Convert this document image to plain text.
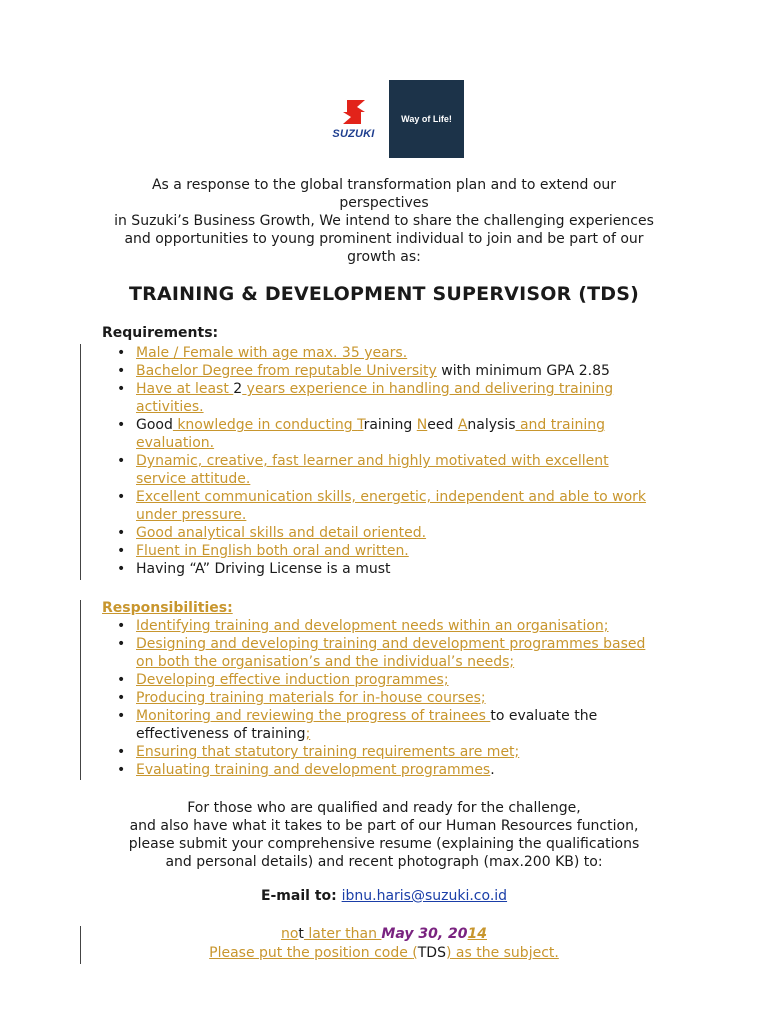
SUZUKI
Way of Life!
As a response to the global transformation plan and to extend our
perspectives
in Suzuki’s Business Growth, We intend to share the challenging experiences
and opportunities to young prominent individual to join and be part of our
growth as:
TRAINING & DEVELOPMENT SUPERVISOR (TDS)
Requirements:
• Male / Female with age max. 35 years.
• Bachelor Degree from reputable University with minimum GPA 2.85
• Have at least 2 years experience in handling and delivering training
activities.
• Good knowledge in conducting Training Need Analysis and training
evaluation.
• Dynamic, creative, fast learner and highly motivated with excellent
service attitude.
• Excellent communication skills, energetic, independent and able to work
under pressure.
• Good analytical skills and detail oriented.
• Fluent in English both oral and written.
• Having “A” Driving License is a must
Responsibilities:
• Identifying training and development needs within an organisation;
• Designing and developing training and development programmes based
on both the organisation’s and the individual’s needs;
• Developing effective induction programmes;
• Producing training materials for in-house courses;
• Monitoring and reviewing the progress of trainees to evaluate the
effectiveness of training;
• Ensuring that statutory training requirements are met;
• Evaluating training and development programmes.
For those who are qualified and ready for the challenge,
and also have what it takes to be part of our Human Resources function,
please submit your comprehensive resume (explaining the qualifications
and personal details) and recent photograph (max.200 KB) to:
E-mail to: ibnu.haris@suzuki.co.id
not later than May 30, 2014
Please put the position code (TDS) as the subject.
